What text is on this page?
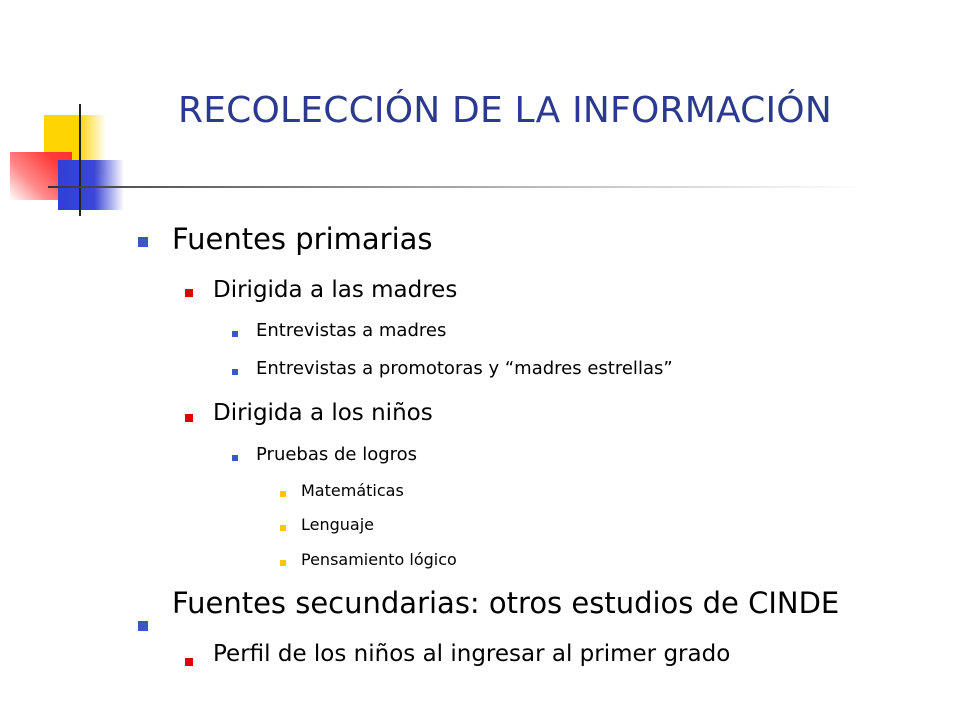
RECOLECCIÓN DE LA INFORMACIÓN
Fuentes primarias
Dirigida a las madres
Entrevistas a madres
Entrevistas a promotoras y “madres estrellas”
Dirigida a los niños
Pruebas de logros
Matemáticas
Lenguaje
Pensamiento lógico
Fuentes secundarias: otros estudios de CINDE
Perfil de los niños al ingresar al primer grado
